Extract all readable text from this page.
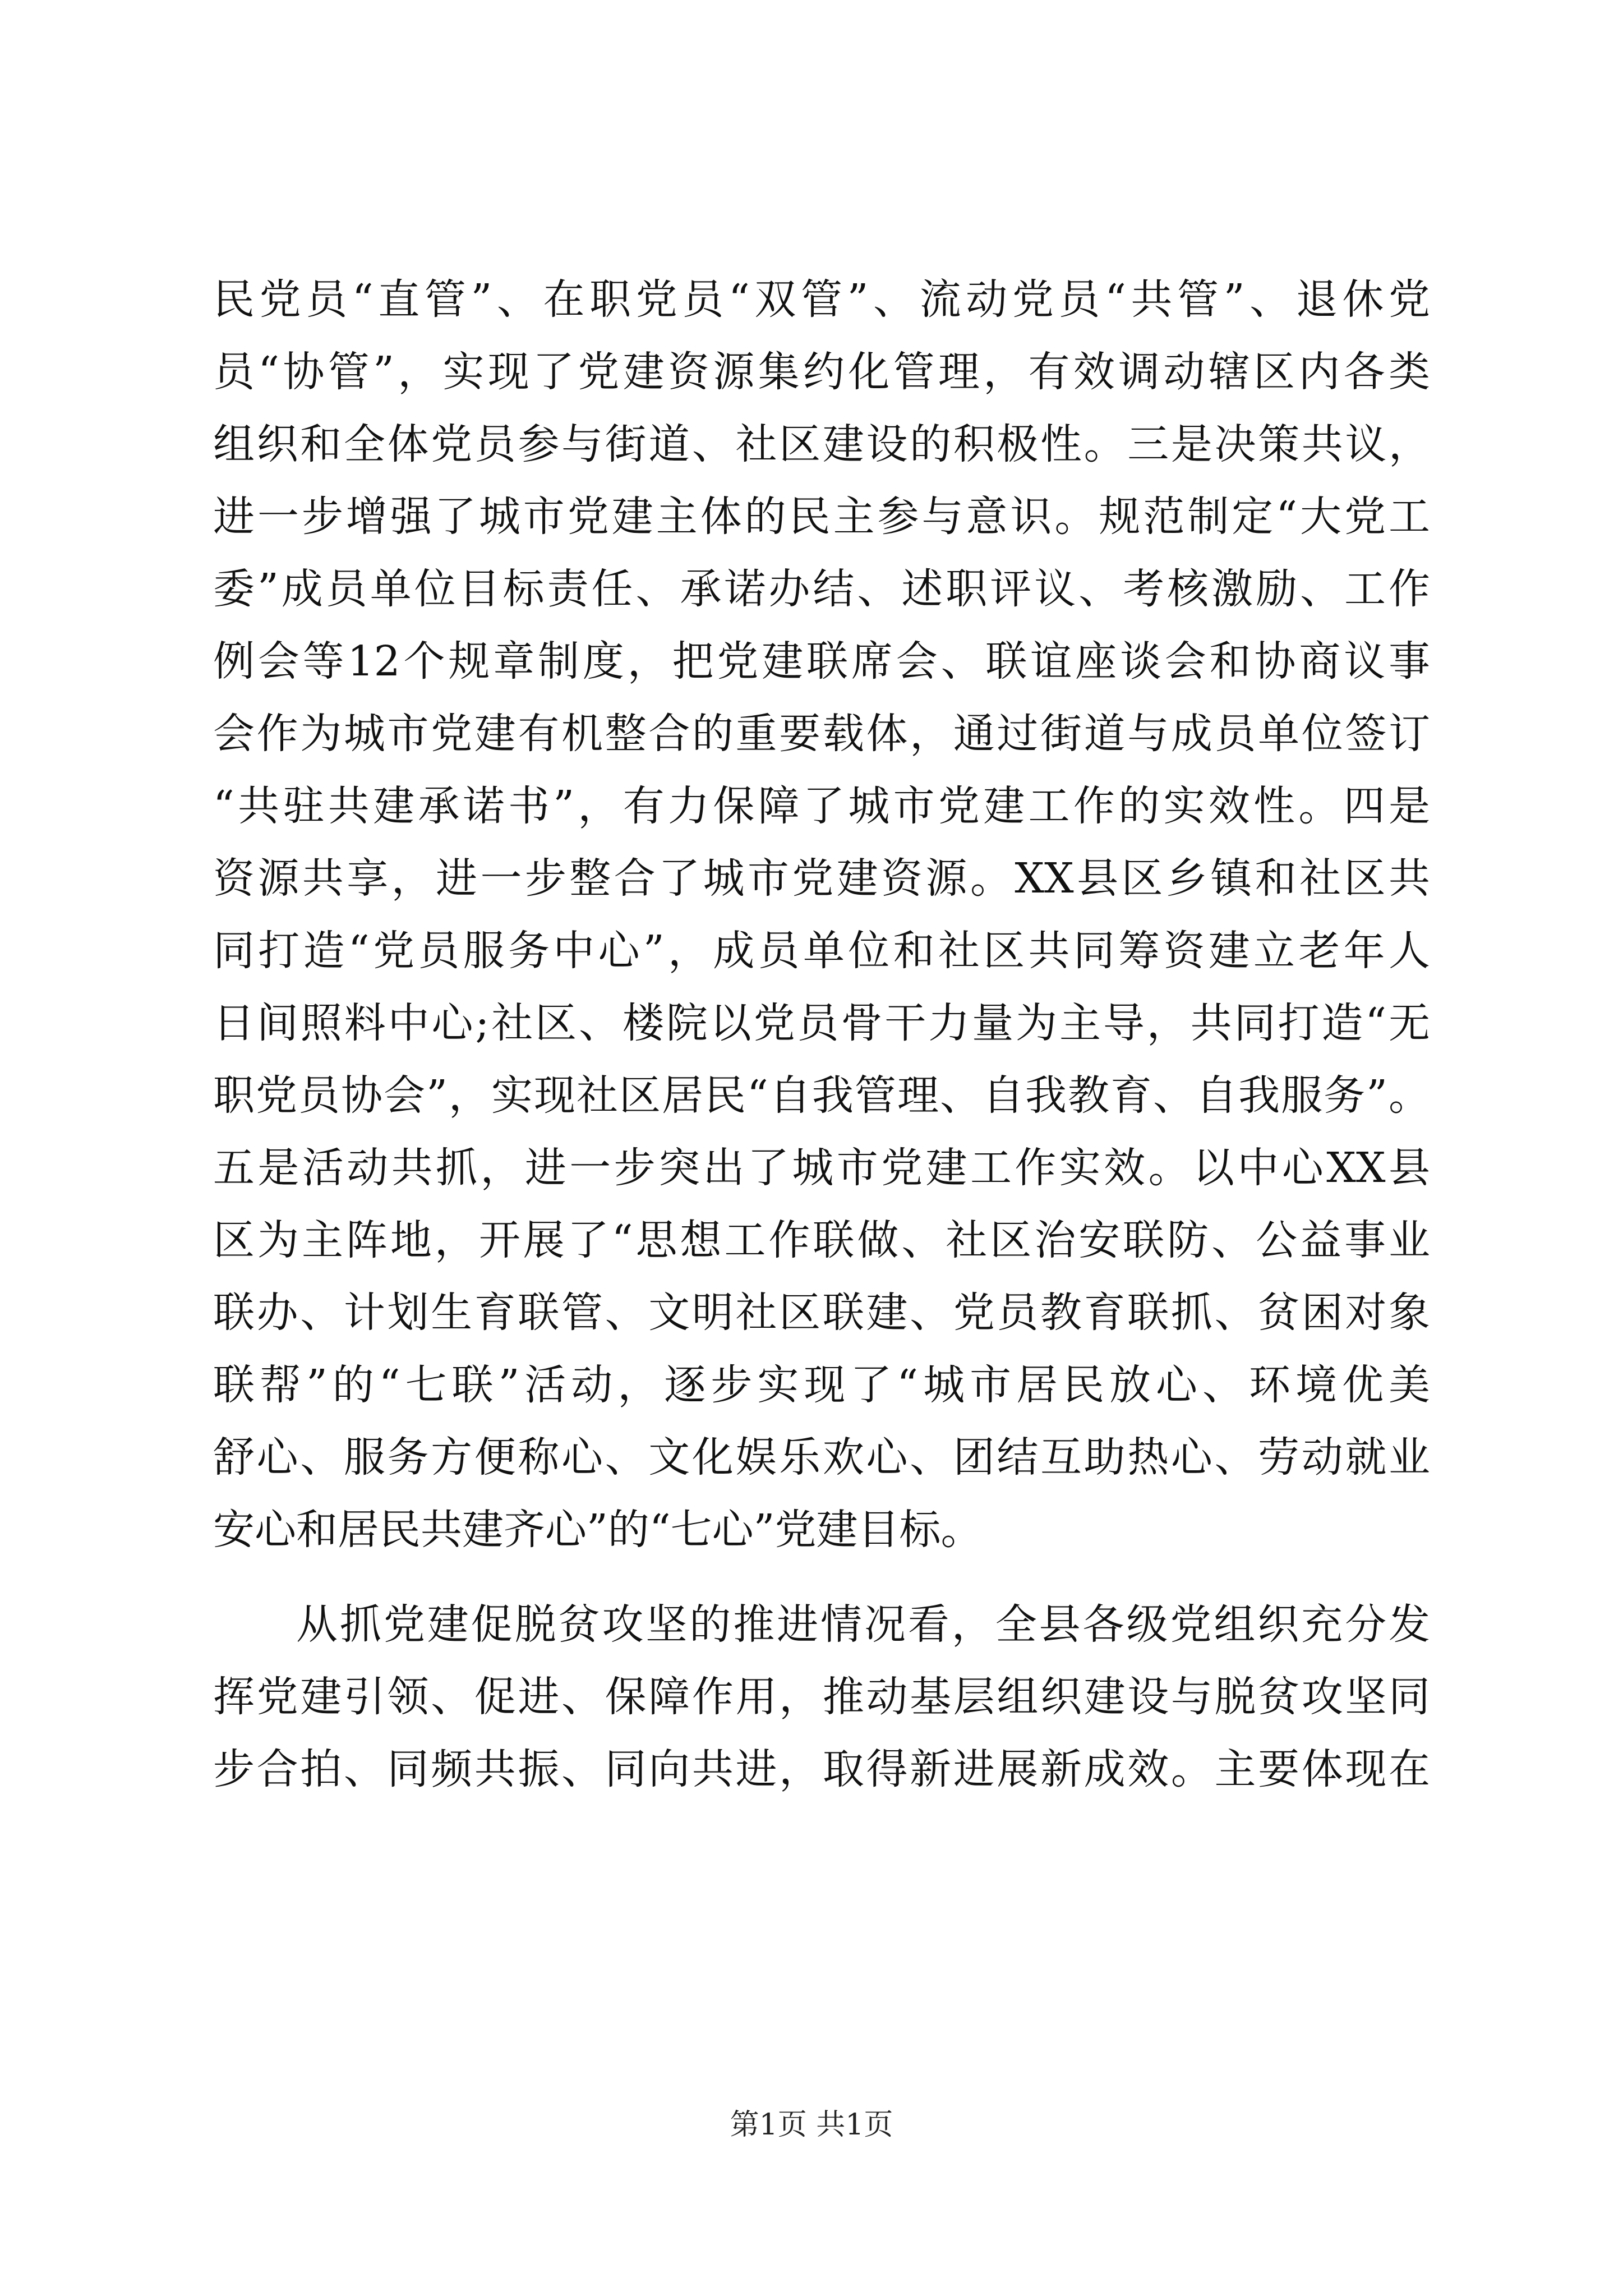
民党员“直管”、在职党员“双管”、流动党员“共管”、退休党
员“协管”，实现了党建资源集约化管理，有效调动辖区内各类
组织和全体党员参与街道、社区建设的积极性。三是决策共议，
进一步增强了城市党建主体的民主参与意识。规范制定“大党工
委”成员单位目标责任、承诺办结、述职评议、考核激励、工作
例会等12个规章制度，把党建联席会、联谊座谈会和协商议事
会作为城市党建有机整合的重要载体，通过街道与成员单位签订
“共驻共建承诺书”，有力保障了城市党建工作的实效性。四是
资源共享，进一步整合了城市党建资源。XX县区乡镇和社区共
同打造“党员服务中心”，成员单位和社区共同筹资建立老年人
日间照料中心;社区、楼院以党员骨干力量为主导，共同打造“无
职党员协会”，实现社区居民“自我管理、自我教育、自我服务”。
五是活动共抓，进一步突出了城市党建工作实效。以中心XX县
区为主阵地，开展了“思想工作联做、社区治安联防、公益事业
联办、计划生育联管、文明社区联建、党员教育联抓、贫困对象
联帮”的“七联”活动，逐步实现了“城市居民放心、环境优美
舒心、服务方便称心、文化娱乐欢心、团结互助热心、劳动就业
安心和居民共建齐心”的“七心”党建目标。
从抓党建促脱贫攻坚的推进情况看，全县各级党组织充分发
挥党建引领、促进、保障作用，推动基层组织建设与脱贫攻坚同
步合拍、同频共振、同向共进，取得新进展新成效。主要体现在
第1页 共1页
